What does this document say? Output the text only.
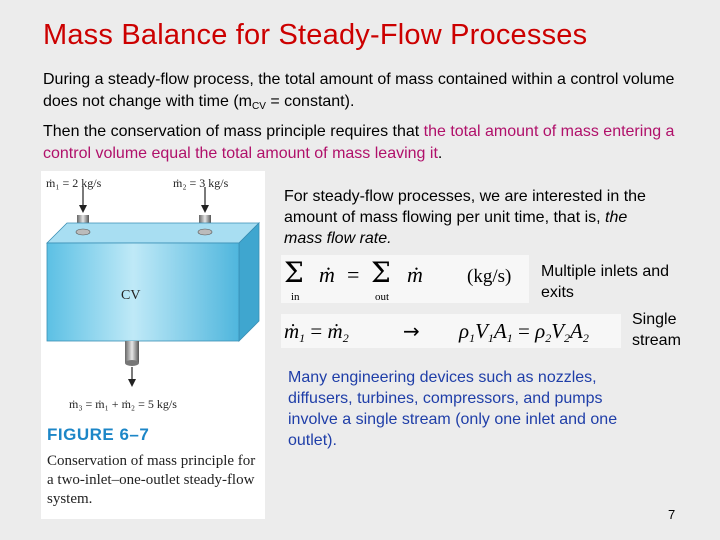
Mass Balance for Steady-Flow Processes
During a steady-flow process, the total amount of mass contained within a control volume does not change with time ($m_{CV}$ = constant).
Then the conservation of mass principle requires that the total amount of mass entering a control volume equal the total amount of mass leaving it.
ṁ₁ = 2 kg/s	ṁ₂ = 3 kg/s
CV
ṁ₃ = ṁ₁ + ṁ₂ = 5 kg/s
FIGURE 6–7
Conservation of mass principle for a two-inlet–one-outlet steady-flow system.
For steady-flow processes, we are interested in the amount of mass flowing per unit time, that is, the mass flow rate.
Σ
in
ṁ = Σ
out
ṁ (kg/s) Multiple inlets and exits
ṁ1 = ṁ2	→ ρ1V1A1 = ρ2V2A2
Single stream
Many engineering devices such as nozzles, diffusers, turbines, compressors, and pumps involve a single stream (only one inlet and one outlet).
7
